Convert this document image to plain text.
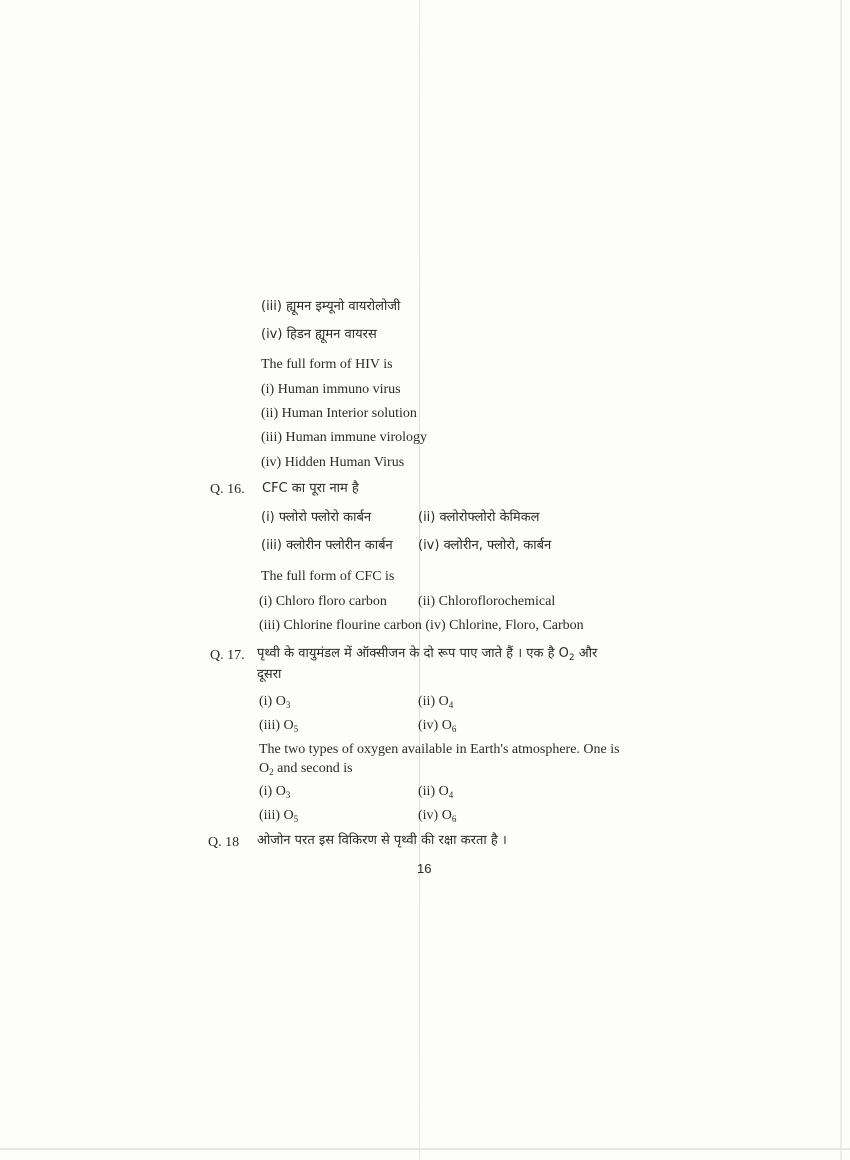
(iii) ह्यूमन इम्यूनो वायरोलोजी
(iv) हिडन ह्यूमन वायरस
The full form of HIV is
(i) Human immuno virus
(ii) Human Interior solution
(iii) Human immune virology
(iv) Hidden Human Virus
Q. 16. CFC का पूरा नाम है
(i) फ्लोरो फ्लोरो कार्बन	(ii) क्लोरोफ्लोरो केमिकल
(iii) क्लोरीन फ्लोरीन कार्बन (iv) क्लोरीन, फ्लोरो, कार्बन
The full form of CFC is
(i) Chloro floro carbon (ii) Chloroflorochemical
(iii) Chlorine flourine carbon (iv) Chlorine, Floro, Carbon
Q. 17. पृथ्वी के वायुमंडल में ऑक्सीजन के दो रूप पाए जाते हैं । एक है $O_2$ और
दूसरा
(i) $O_3$	(ii) $O_4$
(iii) $O_5$	(iv) $O_6$
The two types of oxygen available in Earth's atmosphere. One is
$O_2$ and second is
(i) $O_3$	(ii) $O_4$
(iii) $O_5$	(iv) $O_6$
Q. 18 ओजोन परत इस विकिरण से पृथ्वी की रक्षा करता है ।
16
